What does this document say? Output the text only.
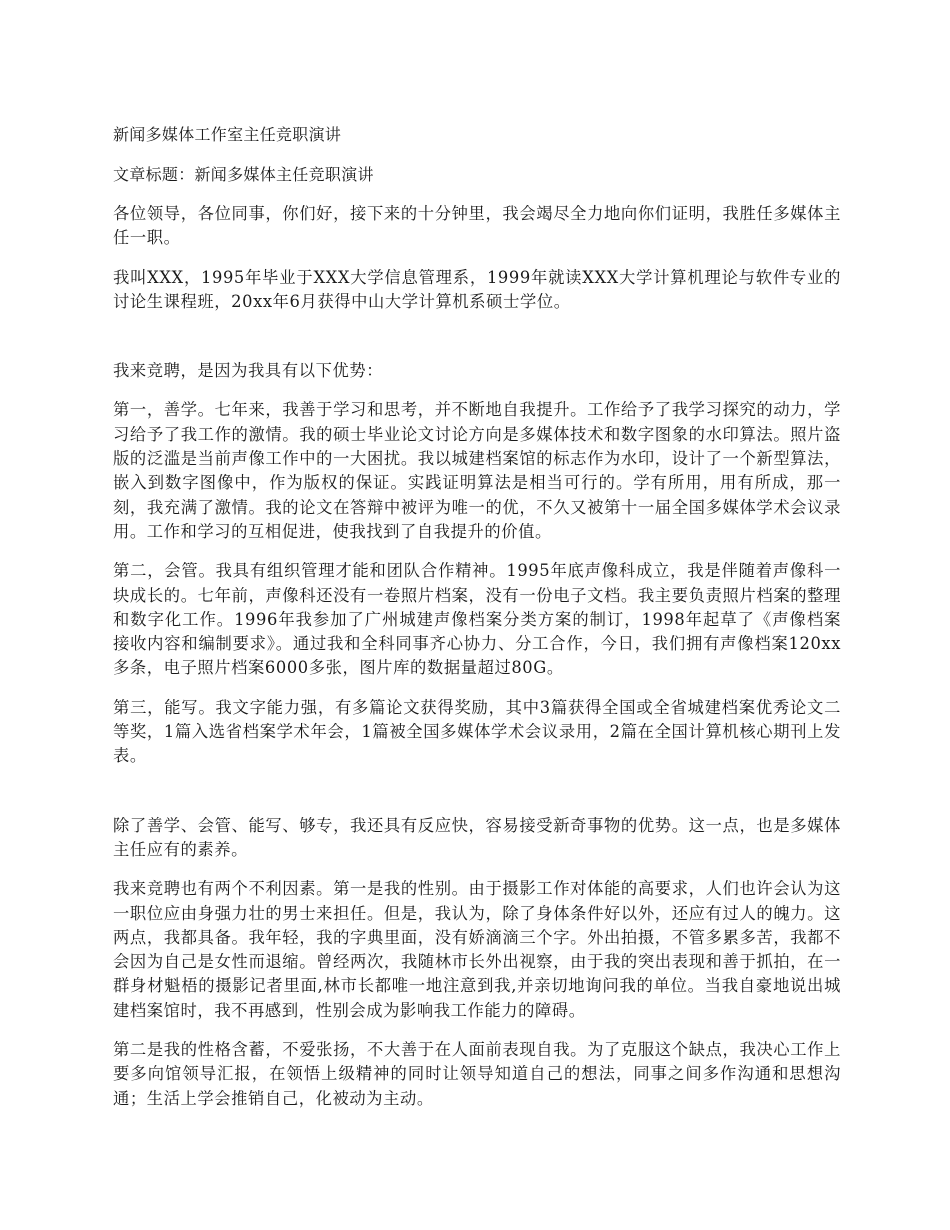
新闻多媒体工作室主任竞职演讲
文章标题：新闻多媒体主任竞职演讲

各位领导，各位同事，你们好，接下来的十分钟里，我会竭尽全力地向你们证明，我胜任多媒体主任一职。

我叫XXX，1995年毕业于XXX大学信息管理系，1999年就读XXX大学计算机理论与软件专业的讨论生课程班，20xx年6月获得中山大学计算机系硕士学位。

我来竞聘，是因为我具有以下优势：

第一，善学。七年来，我善于学习和思考，并不断地自我提升。工作给予了我学习探究的动力，学习给予了我工作的激情。我的硕士毕业论文讨论方向是多媒体技术和数字图象的水印算法。照片盗版的泛滥是当前声像工作中的一大困扰。我以城建档案馆的标志作为水印，设计了一个新型算法，嵌入到数字图像中，作为版权的保证。实践证明算法是相当可行的。学有所用，用有所成，那一刻，我充满了激情。我的论文在答辩中被评为唯一的优，不久又被第十一届全国多媒体学术会议录用。工作和学习的互相促进，使我找到了自我提升的价值。

第二，会管。我具有组织管理才能和团队合作精神。1995年底声像科成立，我是伴随着声像科一块成长的。七年前，声像科还没有一卷照片档案，没有一份电子文档。我主要负责照片档案的整理和数字化工作。1996年我参加了广州城建声像档案分类方案的制订，1998年起草了《声像档案接收内容和编制要求》。通过我和全科同事齐心协力、分工合作，今日，我们拥有声像档案120xx多条，电子照片档案6000多张，图片库的数据量超过80G。

第三，能写。我文字能力强，有多篇论文获得奖励，其中3篇获得全国或全省城建档案优秀论文二等奖，1篇入选省档案学术年会，1篇被全国多媒体学术会议录用，2篇在全国计算机核心期刊上发表。

除了善学、会管、能写、够专，我还具有反应快，容易接受新奇事物的优势。这一点，也是多媒体主任应有的素养。

我来竞聘也有两个不利因素。第一是我的性别。由于摄影工作对体能的高要求，人们也许会认为这一职位应由身强力壮的男士来担任。但是，我认为，除了身体条件好以外，还应有过人的魄力。这两点，我都具备。我年轻，我的字典里面，没有娇滴滴三个字。外出拍摄，不管多累多苦，我都不会因为自己是女性而退缩。曾经两次，我随林市长外出视察，由于我的突出表现和善于抓拍，在一群身材魁梧的摄影记者里面,林市长都唯一地注意到我,并亲切地询问我的单位。当我自豪地说出城建档案馆时，我不再感到，性别会成为影响我工作能力的障碍。

第二是我的性格含蓄，不爱张扬，不大善于在人面前表现自我。为了克服这个缺点，我决心工作上要多向馆领导汇报，在领悟上级精神的同时让领导知道自己的想法，同事之间多作沟通和思想沟通；生活上学会推销自己，化被动为主动。
